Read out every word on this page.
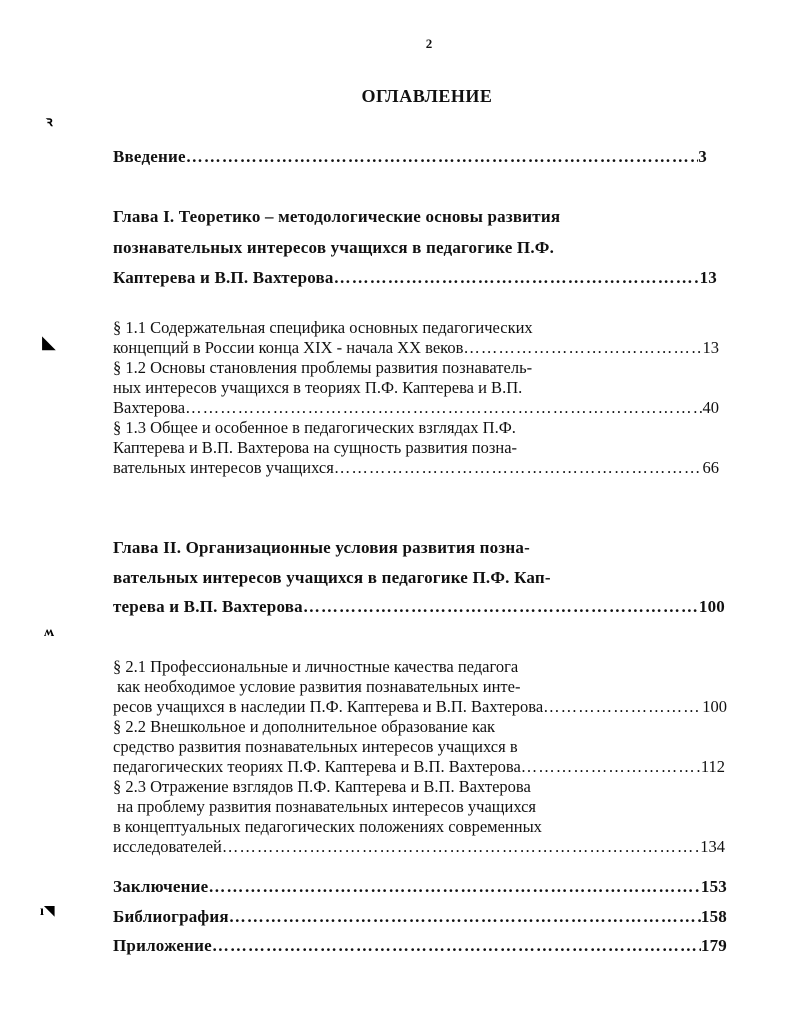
2
ОГЛАВЛЕНИЕ
ꝛ
◣
ʍ
ı◥
Введение ……………………………………………………………………………………………………………………………………………………………………	3
Глава I. Теоретико – методологические основы развития
познавательных интересов учащихся в педагогике П.Ф.
Каптерева и В.П. Вахтерова ……………………………………………………………………………………………………………………………………………………………………	13
§ 1.1 Содержательная специфика основных педагогических
концепций в России конца XIX - начала XX веков ……………………………………………………………………………………………………………………………………………………………………	13
§ 1.2 Основы становления проблемы развития познаватель-
ных интересов учащихся в теориях П.Ф. Каптерева и В.П.
Вахтерова ……………………………………………………………………………………………………………………………………………………………………	40
§ 1.3 Общее и особенное в педагогических взглядах П.Ф.
Каптерева и В.П. Вахтерова на сущность развития позна-
вательных интересов учащихся ……………………………………………………………………………………………………………………………………………………………………	66
Глава II. Организационные условия развития позна-
вательных интересов учащихся в педагогике П.Ф. Кап-
терева и В.П. Вахтерова ……………………………………………………………………………………………………………………………………………………………………	100
§ 2.1 Профессиональные и личностные качества педагога
как необходимое условие развития познавательных инте-
ресов учащихся в наследии П.Ф. Каптерева и В.П. Вахтерова ……………………………………………………………………………………………………………………………………………………………………	100
§ 2.2 Внешкольное и дополнительное образование как
средство развития познавательных интересов учащихся в
педагогических теориях П.Ф. Каптерева и В.П. Вахтерова ……………………………………………………………………………………………………………………………………………………………………	112
§ 2.3 Отражение взглядов П.Ф. Каптерева и В.П. Вахтерова
на проблему развития познавательных интересов учащихся
в концептуальных педагогических положениях современных
исследователей ……………………………………………………………………………………………………………………………………………………………………	134
Заключение ……………………………………………………………………………………………………………………………………………………………………	153
Библиография ……………………………………………………………………………………………………………………………………………………………………	158
Приложение ……………………………………………………………………………………………………………………………………………………………………	179
